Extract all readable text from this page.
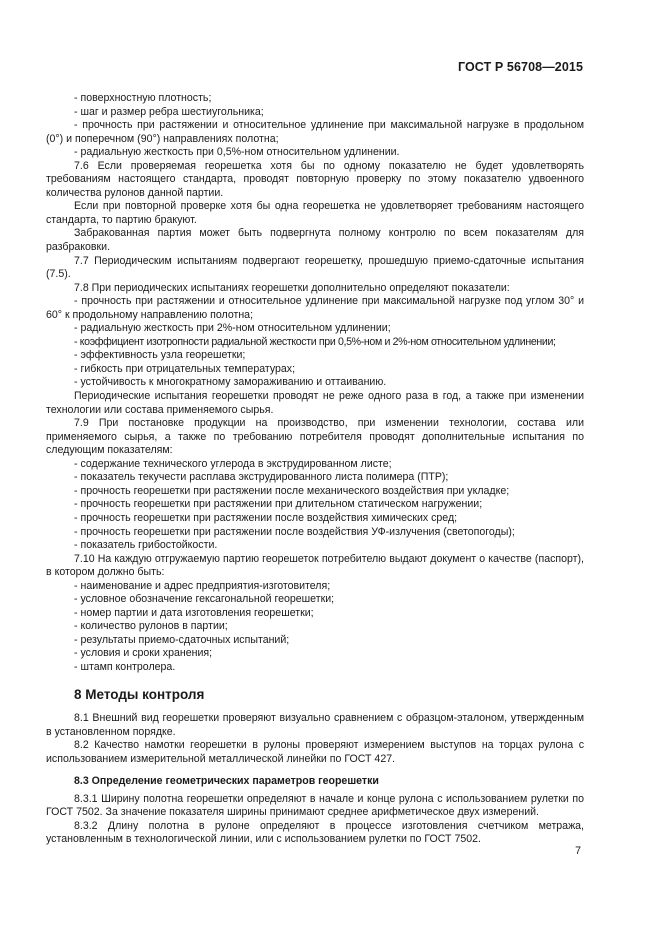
ГОСТ Р 56708—2015

- поверхностную плотность;

- шаг и размер ребра шестиугольника;

- прочность при растяжении и относительное удлинение при максимальной нагрузке в продольном (0°) и поперечном (90°) направлениях полотна;

- радиальную жесткость при 0,5%-ном относительном удлинении.

7.6 Если проверяемая георешетка хотя бы по одному показателю не будет удовлетворять требованиям настоящего стандарта, проводят повторную проверку по этому показателю удвоенного количества рулонов данной партии.

Если при повторной проверке хотя бы одна георешетка не удовлетворяет требованиям настоящего стандарта, то партию бракуют.

Забракованная партия может быть подвергнута полному контролю по всем показателям для разбраковки.

7.7 Периодическим испытаниям подвергают георешетку, прошедшую приемо-сдаточные испытания (7.5).

7.8 При периодических испытаниях георешетки дополнительно определяют показатели:

- прочность при растяжении и относительное удлинение при максимальной нагрузке под углом 30° и 60° к продольному направлению полотна;

- радиальную жесткость при 2%-ном относительном удлинении;

- коэффициент изотропности радиальной жесткости при 0,5%-ном и 2%-ном относительном удлинении;

- эффективность узла георешетки;

- гибкость при отрицательных температурах;

- устойчивость к многократному замораживанию и оттаиванию.

Периодические испытания георешетки проводят не реже одного раза в год, а также при изменении технологии или состава применяемого сырья.

7.9 При постановке продукции на производство, при изменении технологии, состава или применяемого сырья, а также по требованию потребителя проводят дополнительные испытания по следующим показателям:

- содержание технического углерода в экструдированном листе;

- показатель текучести расплава экструдированного листа полимера (ПТР);

- прочность георешетки при растяжении после механического воздействия при укладке;

- прочность георешетки при растяжении при длительном статическом нагружении;

- прочность георешетки при растяжении после воздействия химических сред;

- прочность георешетки при растяжении после воздействия УФ-излучения (светопогоды);

- показатель грибостойкости.

7.10 На каждую отгружаемую партию георешеток потребителю выдают документ о качестве (паспорт), в котором должно быть:

- наименование и адрес предприятия-изготовителя;

- условное обозначение гексагональной георешетки;

- номер партии и дата изготовления георешетки;

- количество рулонов в партии;

- результаты приемо-сдаточных испытаний;

- условия и сроки хранения;

- штамп контролера.

8 Методы контроля

8.1 Внешний вид георешетки проверяют визуально сравнением с образцом-эталоном, утвержденным в установленном порядке.

8.2 Качество намотки георешетки в рулоны проверяют измерением выступов на торцах рулона с использованием измерительной металлической линейки по ГОСТ 427.

8.3 Определение геометрических параметров георешетки

8.3.1 Ширину полотна георешетки определяют в начале и конце рулона с использованием рулетки по ГОСТ 7502. За значение показателя ширины принимают среднее арифметическое двух измерений.

8.3.2 Длину полотна в рулоне определяют в процессе изготовления счетчиком метража, установленным в технологической линии, или с использованием рулетки по ГОСТ 7502.

7
